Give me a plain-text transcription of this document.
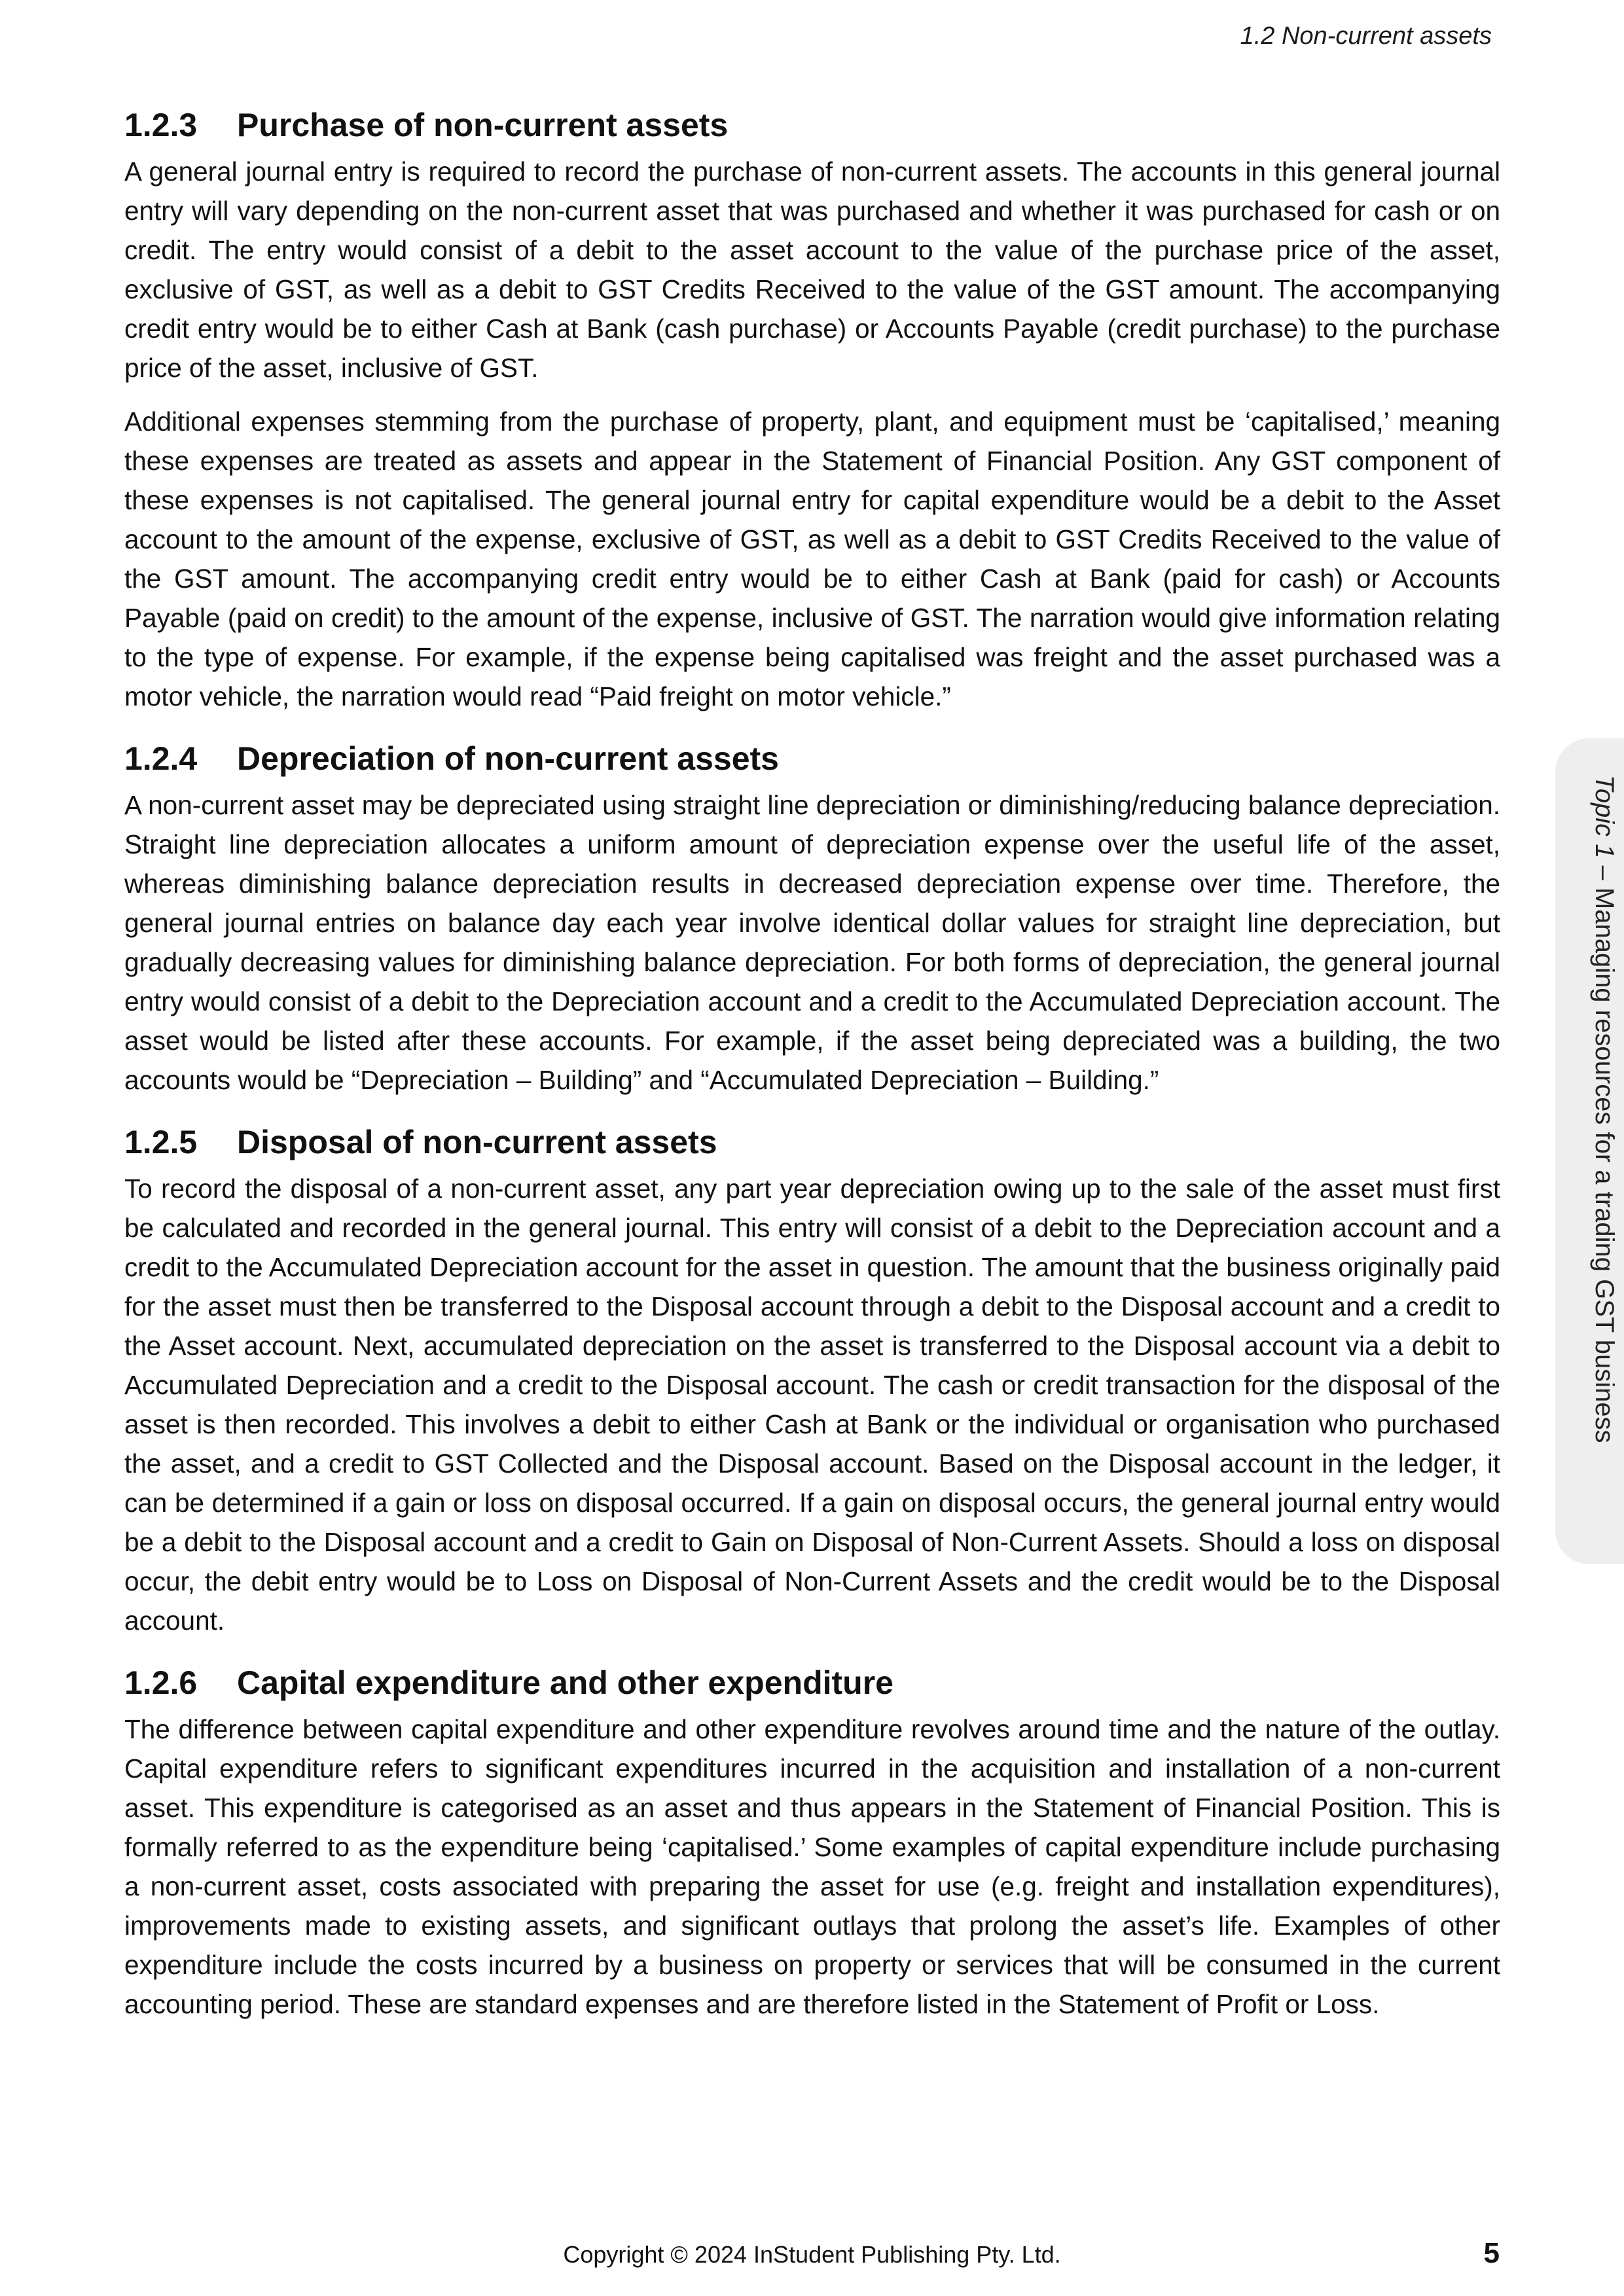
1.2 Non-current assets
1.2.3 Purchase of non-current assets

A general journal entry is required to record the purchase of non-current assets. The accounts in this general journal entry will vary depending on the non-current asset that was purchased and whether it was purchased for cash or on credit. The entry would consist of a debit to the asset account to the value of the purchase price of the asset, exclusive of GST, as well as a debit to GST Credits Received to the value of the GST amount. The accompanying credit entry would be to either Cash at Bank (cash purchase) or Accounts Payable (credit purchase) to the purchase price of the asset, inclusive of GST.

Additional expenses stemming from the purchase of property, plant, and equipment must be ‘capitalised,’ meaning these expenses are treated as assets and appear in the Statement of Financial Position. Any GST component of these expenses is not capitalised. The general journal entry for capital expenditure would be a debit to the Asset account to the amount of the expense, exclusive of GST, as well as a debit to GST Credits Received to the value of the GST amount. The accompanying credit entry would be to either Cash at Bank (paid for cash) or Accounts Payable (paid on credit) to the amount of the expense, inclusive of GST. The narration would give information relating to the type of expense. For example, if the expense being capitalised was freight and the asset purchased was a motor vehicle, the narration would read “Paid freight on motor vehicle.”

1.2.4 Depreciation of non-current assets

A non-current asset may be depreciated using straight line depreciation or diminishing/reducing balance depreciation. Straight line depreciation allocates a uniform amount of depreciation expense over the useful life of the asset, whereas diminishing balance depreciation results in decreased depreciation expense over time. Therefore, the general journal entries on balance day each year involve identical dollar values for straight line depreciation, but gradually decreasing values for diminishing balance depreciation. For both forms of depreciation, the general journal entry would consist of a debit to the Depreciation account and a credit to the Accumulated Depreciation account. The asset would be listed after these accounts. For example, if the asset being depreciated was a building, the two accounts would be “Depreciation – Building” and “Accumulated Depreciation – Building.”

1.2.5 Disposal of non-current assets

To record the disposal of a non-current asset, any part year depreciation owing up to the sale of the asset must first be calculated and recorded in the general journal. This entry will consist of a debit to the Depreciation account and a credit to the Accumulated Depreciation account for the asset in question. The amount that the business originally paid for the asset must then be transferred to the Disposal account through a debit to the Disposal account and a credit to the Asset account. Next, accumulated depreciation on the asset is transferred to the Disposal account via a debit to Accumulated Depreciation and a credit to the Disposal account. The cash or credit transaction for the disposal of the asset is then recorded. This involves a debit to either Cash at Bank or the individual or organisation who purchased the asset, and a credit to GST Collected and the Disposal account. Based on the Disposal account in the ledger, it can be determined if a gain or loss on disposal occurred. If a gain on disposal occurs, the general journal entry would be a debit to the Disposal account and a credit to Gain on Disposal of Non-Current Assets. Should a loss on disposal occur, the debit entry would be to Loss on Disposal of Non-Current Assets and the credit would be to the Disposal account.

1.2.6 Capital expenditure and other expenditure

The difference between capital expenditure and other expenditure revolves around time and the nature of the outlay. Capital expenditure refers to significant expenditures incurred in the acquisition and installation of a non-current asset. This expenditure is categorised as an asset and thus appears in the Statement of Financial Position. This is formally referred to as the expenditure being ‘capitalised.’ Some examples of capital expenditure include purchasing a non-current asset, costs associated with preparing the asset for use (e.g. freight and installation expenditures), improvements made to existing assets, and significant outlays that prolong the asset’s life. Examples of other expenditure include the costs incurred by a business on property or services that will be consumed in the current accounting period. These are standard expenses and are therefore listed in the Statement of Profit or Loss.

Topic 1 – Managing resources for a trading GST business
Copyright © 2024 InStudent Publishing Pty. Ltd.	5
